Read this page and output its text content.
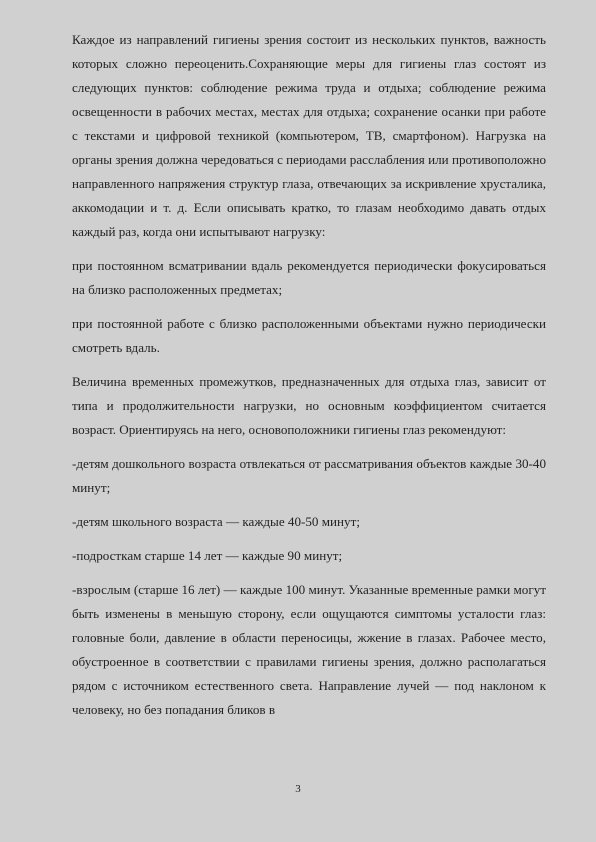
Каждое из направлений гигиены зрения состоит из нескольких пунктов, важность которых сложно переоценить.Сохраняющие меры для гигиены глаз состоят из следующих пунктов: соблюдение режима труда и отдыха; соблюдение режима освещенности в рабочих местах, местах для отдыха; сохранение осанки при работе с текстами и цифровой техникой (компьютером, ТВ, смартфоном). Нагрузка на органы зрения должна чередоваться с периодами расслабления или противоположно направленного напряжения структур глаза, отвечающих за искривление хрусталика, аккомодации и т. д. Если описывать кратко, то глазам необходимо давать отдых каждый раз, когда они испытывают нагрузку:

при постоянном всматривании вдаль рекомендуется периодически фокусироваться на близко расположенных предметах;

при постоянной работе с близко расположенными объектами нужно периодически смотреть вдаль.

Величина временных промежутков, предназначенных для отдыха глаз, зависит от типа и продолжительности нагрузки, но основным коэффициентом считается возраст. Ориентируясь на него, основоположники гигиены глаз рекомендуют:

-детям дошкольного возраста отвлекаться от рассматривания объектов каждые 30-40 минут;

-детям школьного возраста — каждые 40-50 минут;

-подросткам старше 14 лет — каждые 90 минут;

-взрослым (старше 16 лет) — каждые 100 минут. Указанные временные рамки могут быть изменены в меньшую сторону, если ощущаются симптомы усталости глаз: головные боли, давление в области переносицы, жжение в глазах. Рабочее место, обустроенное в соответствии с правилами гигиены зрения, должно располагаться рядом с источником естественного света. Направление лучей — под наклоном к человеку, но без попадания бликов в

3
